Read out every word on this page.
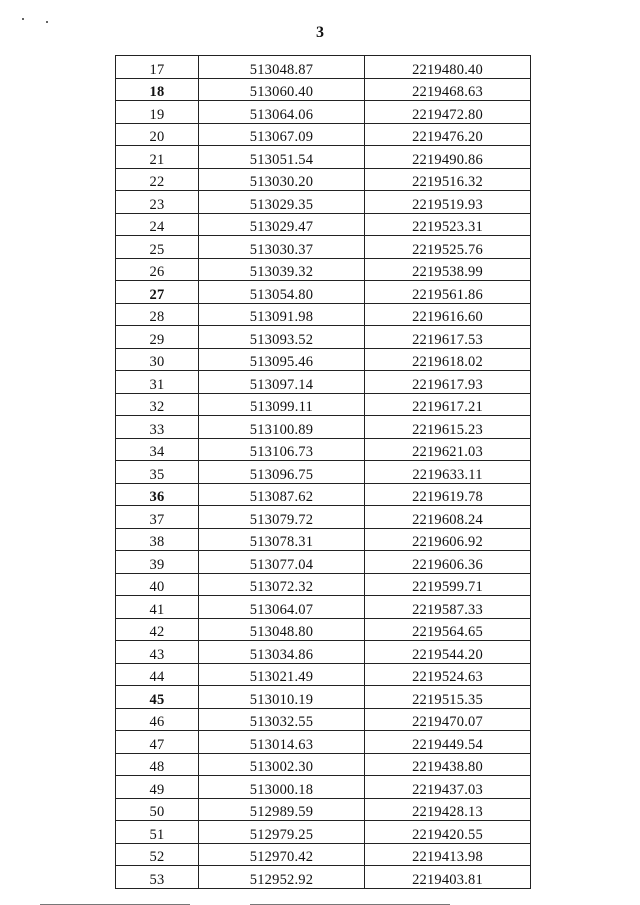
3
17	513048.87	2219480.40
18	513060.40	2219468.63
19	513064.06	2219472.80
20	513067.09	2219476.20
21	513051.54	2219490.86
22	513030.20	2219516.32
23	513029.35	2219519.93
24	513029.47	2219523.31
25	513030.37	2219525.76
26	513039.32	2219538.99
27	513054.80	2219561.86
28	513091.98	2219616.60
29	513093.52	2219617.53
30	513095.46	2219618.02
31	513097.14	2219617.93
32	513099.11	2219617.21
33	513100.89	2219615.23
34	513106.73	2219621.03
35	513096.75	2219633.11
36	513087.62	2219619.78
37	513079.72	2219608.24
38	513078.31	2219606.92
39	513077.04	2219606.36
40	513072.32	2219599.71
41	513064.07	2219587.33
42	513048.80	2219564.65
43	513034.86	2219544.20
44	513021.49	2219524.63
45	513010.19	2219515.35
46	513032.55	2219470.07
47	513014.63	2219449.54
48	513002.30	2219438.80
49	513000.18	2219437.03
50	512989.59	2219428.13
51	512979.25	2219420.55
52	512970.42	2219413.98
53	512952.92	2219403.81
